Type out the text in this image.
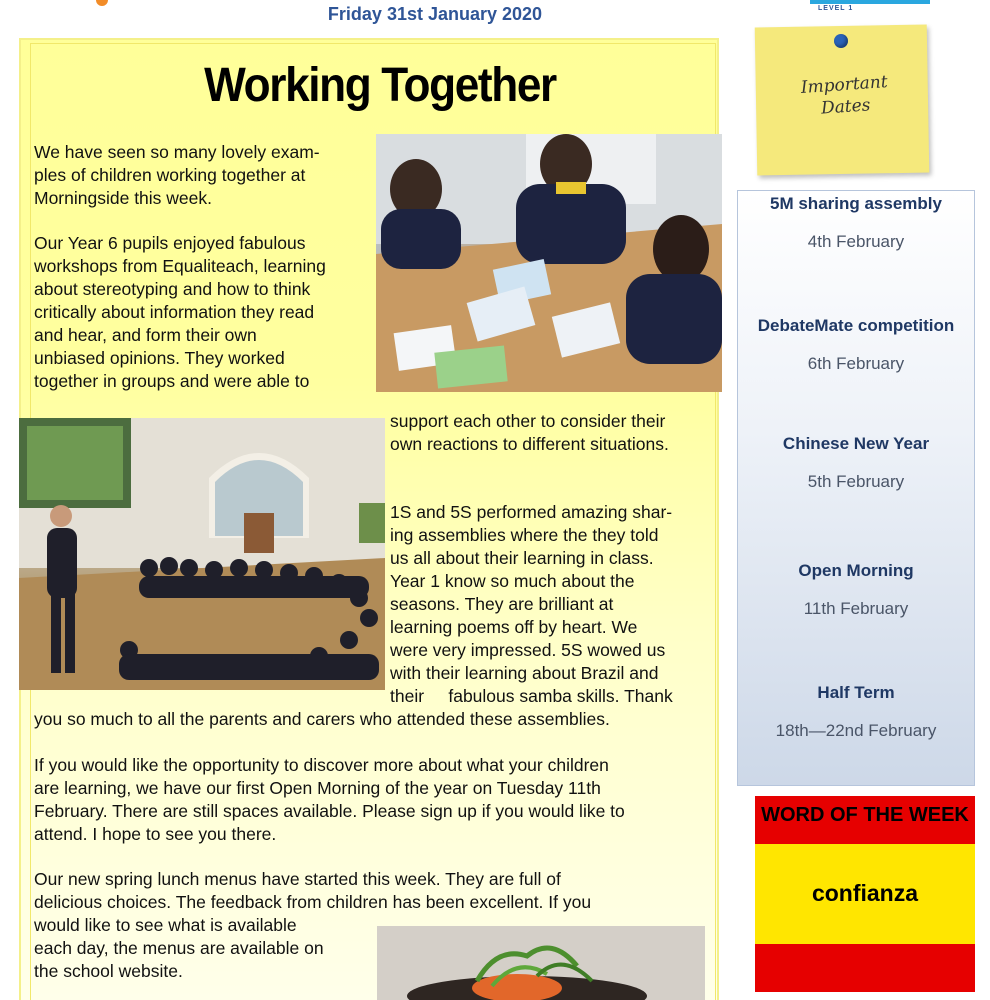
Friday 31st January 2020	LEVEL 1
Working Together
We have seen so many lovely exam-
ples of children working together at
Morningside this week.
Our Year 6 pupils enjoyed fabulous
workshops from Equaliteach, learning
about stereotyping and how to think
critically about information they read
and hear, and form their own
unbiased opinions. They worked
together in groups and were able to
support each other to consider their
own reactions to different situations.
1S and 5S performed amazing shar-
ing assemblies where the they told
us all about their learning in class.
Year 1 know so much about the
seasons. They are brilliant at
learning poems off by heart. We
were very impressed. 5S wowed us
with their learning about Brazil and
their     fabulous samba skills. Thank
you so much to all the parents and carers who attended these assemblies.
If you would like the opportunity to discover more about what your children
are learning, we have our first Open Morning of the year on Tuesday 11th
February. There are still spaces available. Please sign up if you would like to
attend. I hope to see you there.
Our new spring lunch menus have started this week. They are full of
delicious choices. The feedback from children has been excellent. If you
would like to see what is available
each day, the menus are available on
the school website.
Important
Dates
5M sharing assembly
4th February
DebateMate competition
6th February
Chinese New Year
5th February
Open Morning
11th February
Half Term
18th—22nd February
WORD OF THE WEEK
confianza
